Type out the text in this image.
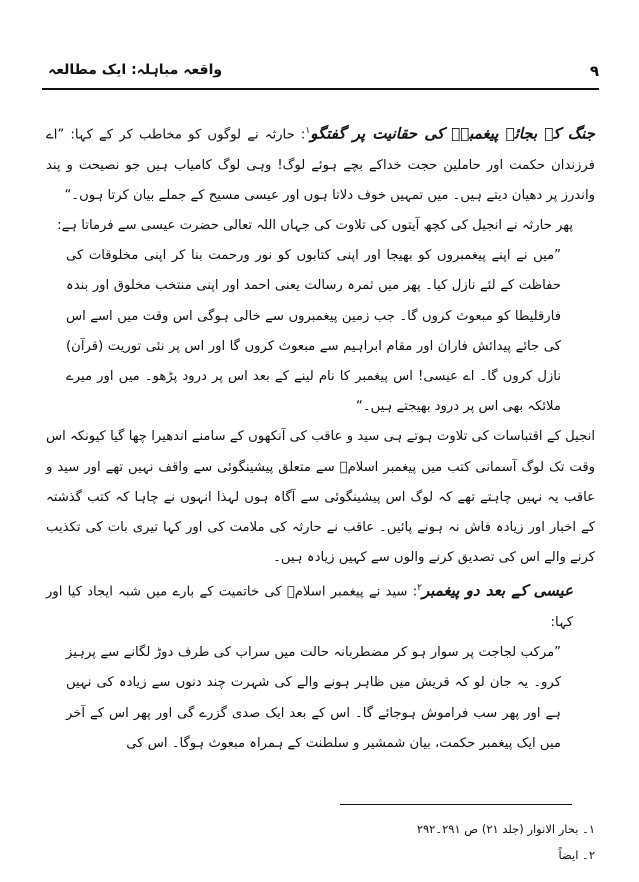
۹
واقعہ مباہلہ: ایک مطالعہ

جنگ کے بجائے پیغمبرؐ کی حقانیت پر گفتگو$^۱$: حارثہ نے لوگوں کو مخاطب کر کے کہا: ”اے فرزندان حکمت اور حاملین حجت خداکے بچے ہوئے لوگ! وہی لوگ کامیاب ہیں جو نصیحت و پند واندرز پر دھیان دیتے ہیں۔ میں تمہیں خوف دلاتا ہوں اور عیسی مسیح کے جملے بیان کرتا ہوں۔“

پھر حارثہ نے انجیل کی کچھ آیتوں کی تلاوت کی جہاں اللہ تعالی حضرت عیسی سے فرماتا ہے:

”میں نے اپنے پیغمبروں کو بھیجا اور اپنی کتابوں کو نور ورحمت بنا کر اپنی مخلوقات کی حفاظت کے لئے نازل کیا۔ پھر میں ثمرہ رسالت یعنی احمد اور اپنی منتخب مخلوق اور بندہ فارقلیطا کو مبعوث کروں گا۔ جب زمین پیغمبروں سے خالی ہوگی اس وقت میں اسے اس کی جائے پیدائش فاران اور مقام ابراہیم سے مبعوث کروں گا اور اس پر نئی توریت (قرآن) نازل کروں گا۔ اے عیسی! اس پیغمبر کا نام لینے کے بعد اس پر درود پڑھو۔ میں اور میرے ملائکہ بھی اس پر درود بھیجتے ہیں۔“

انجیل کے اقتباسات کی تلاوت ہوتے ہی سید و عاقب کی آنکھوں کے سامنے اندھیرا چھا گیا کیونکہ اس وقت تک لوگ آسمانی کتب میں پیغمبر اسلامؐ سے متعلق پیشینگوئی سے واقف نہیں تھے اور سید و عاقب یہ نہیں چاہتے تھے کہ لوگ اس پیشینگوئی سے آگاہ ہوں لہذا انہوں نے چاہا کہ کتب گذشتہ کے اخبار اور زیادہ فاش نہ ہونے پائیں۔ عاقب نے حارثہ کی ملامت کی اور کہا تیری بات کی تکذیب کرنے والے اس کی تصدیق کرنے والوں سے کہیں زیادہ ہیں۔

عیسی کے بعد دو پیغمبر$^۲$: سید نے پیغمبر اسلامؐ کی خاتمیت کے بارے میں شبہ ایجاد کیا اور کہا:

”مرکب لجاجت پر سوار ہو کر مضطربانہ حالت میں سراب کی طرف دوڑ لگانے سے پرہیز کرو۔ یہ جان لو کہ قریش میں ظاہر ہونے والے کی شہرت چند دنوں سے زیادہ کی نہیں ہے اور پھر سب فراموش ہوجائے گا۔ اس کے بعد ایک صدی گزرے گی اور پھر اس کے آخر میں ایک پیغمبر حکمت، بیان شمشیر و سلطنت کے ہمراہ مبعوث ہوگا۔ اس کی

۱۔ بحار الانوار (جلد ۲۱) ص ۲۹۱۔۲۹۲
۲۔ ایضاً
